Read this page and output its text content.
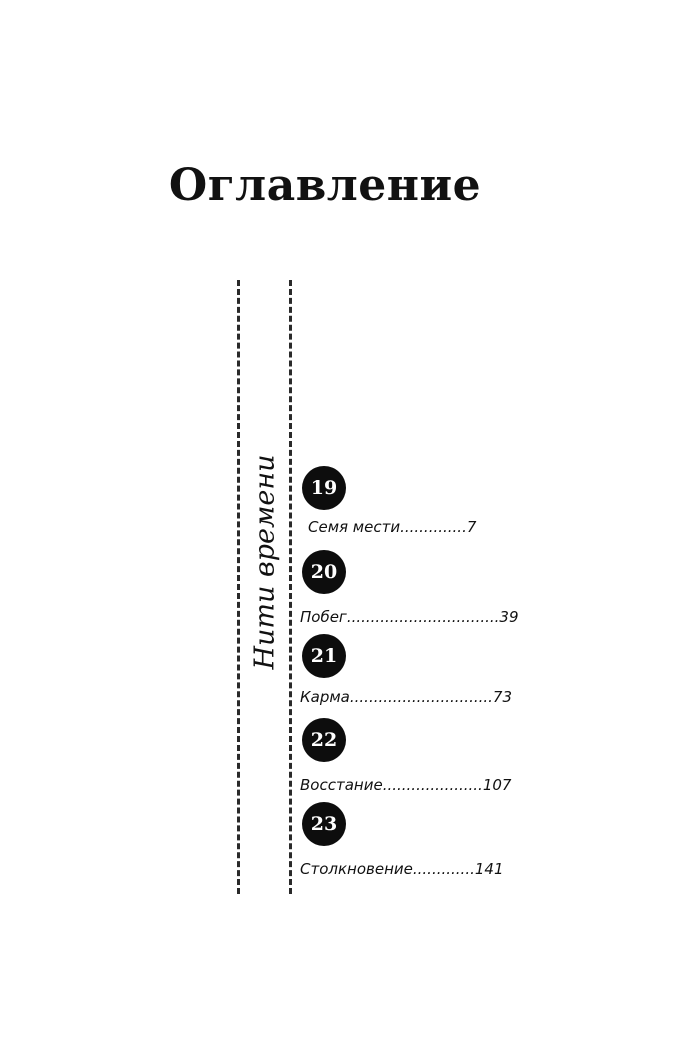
Оглавление
Нити времени	19
Семя мести..............7
20
Побег................................39
21
Карма..............................73
22
Восстание.....................107
23
Столкновение.............141
